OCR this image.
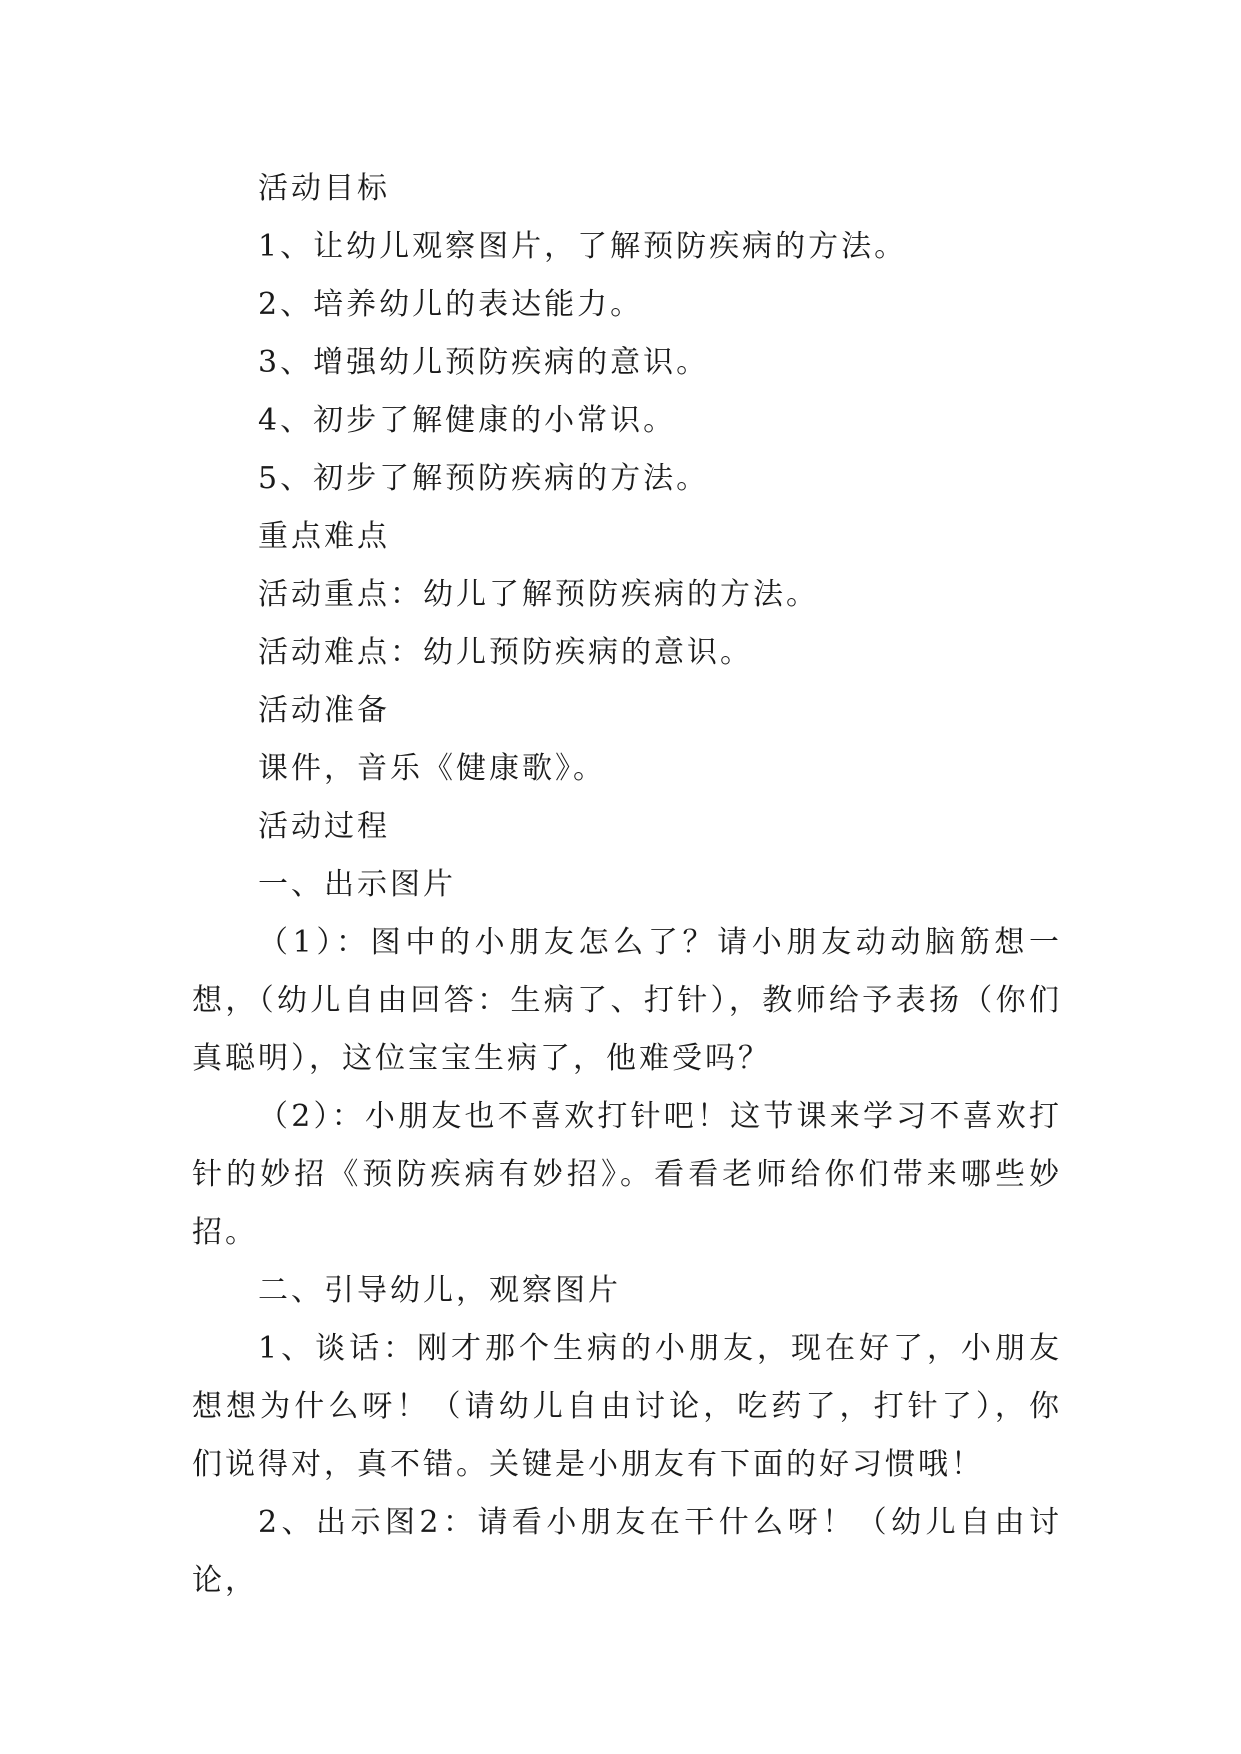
活动目标

1、让幼儿观察图片，了解预防疾病的方法。

2、培养幼儿的表达能力。

3、增强幼儿预防疾病的意识。

4、初步了解健康的小常识。

5、初步了解预防疾病的方法。

重点难点

活动重点：幼儿了解预防疾病的方法。

活动难点：幼儿预防疾病的意识。

活动准备

课件，音乐《健康歌》。

活动过程

一、出示图片

（1）：图中的小朋友怎么了？请小朋友动动脑筋想一想，（幼儿自由回答：生病了、打针），教师给予表扬（你们真聪明），这位宝宝生病了，他难受吗？

（2）：小朋友也不喜欢打针吧！这节课来学习不喜欢打针的妙招《预防疾病有妙招》。看看老师给你们带来哪些妙招。

二、引导幼儿，观察图片

1、谈话：刚才那个生病的小朋友，现在好了，小朋友想想为什么呀！（请幼儿自由讨论，吃药了，打针了），你们说得对，真不错。关键是小朋友有下面的好习惯哦！

2、出示图2：请看小朋友在干什么呀！（幼儿自由讨论，
